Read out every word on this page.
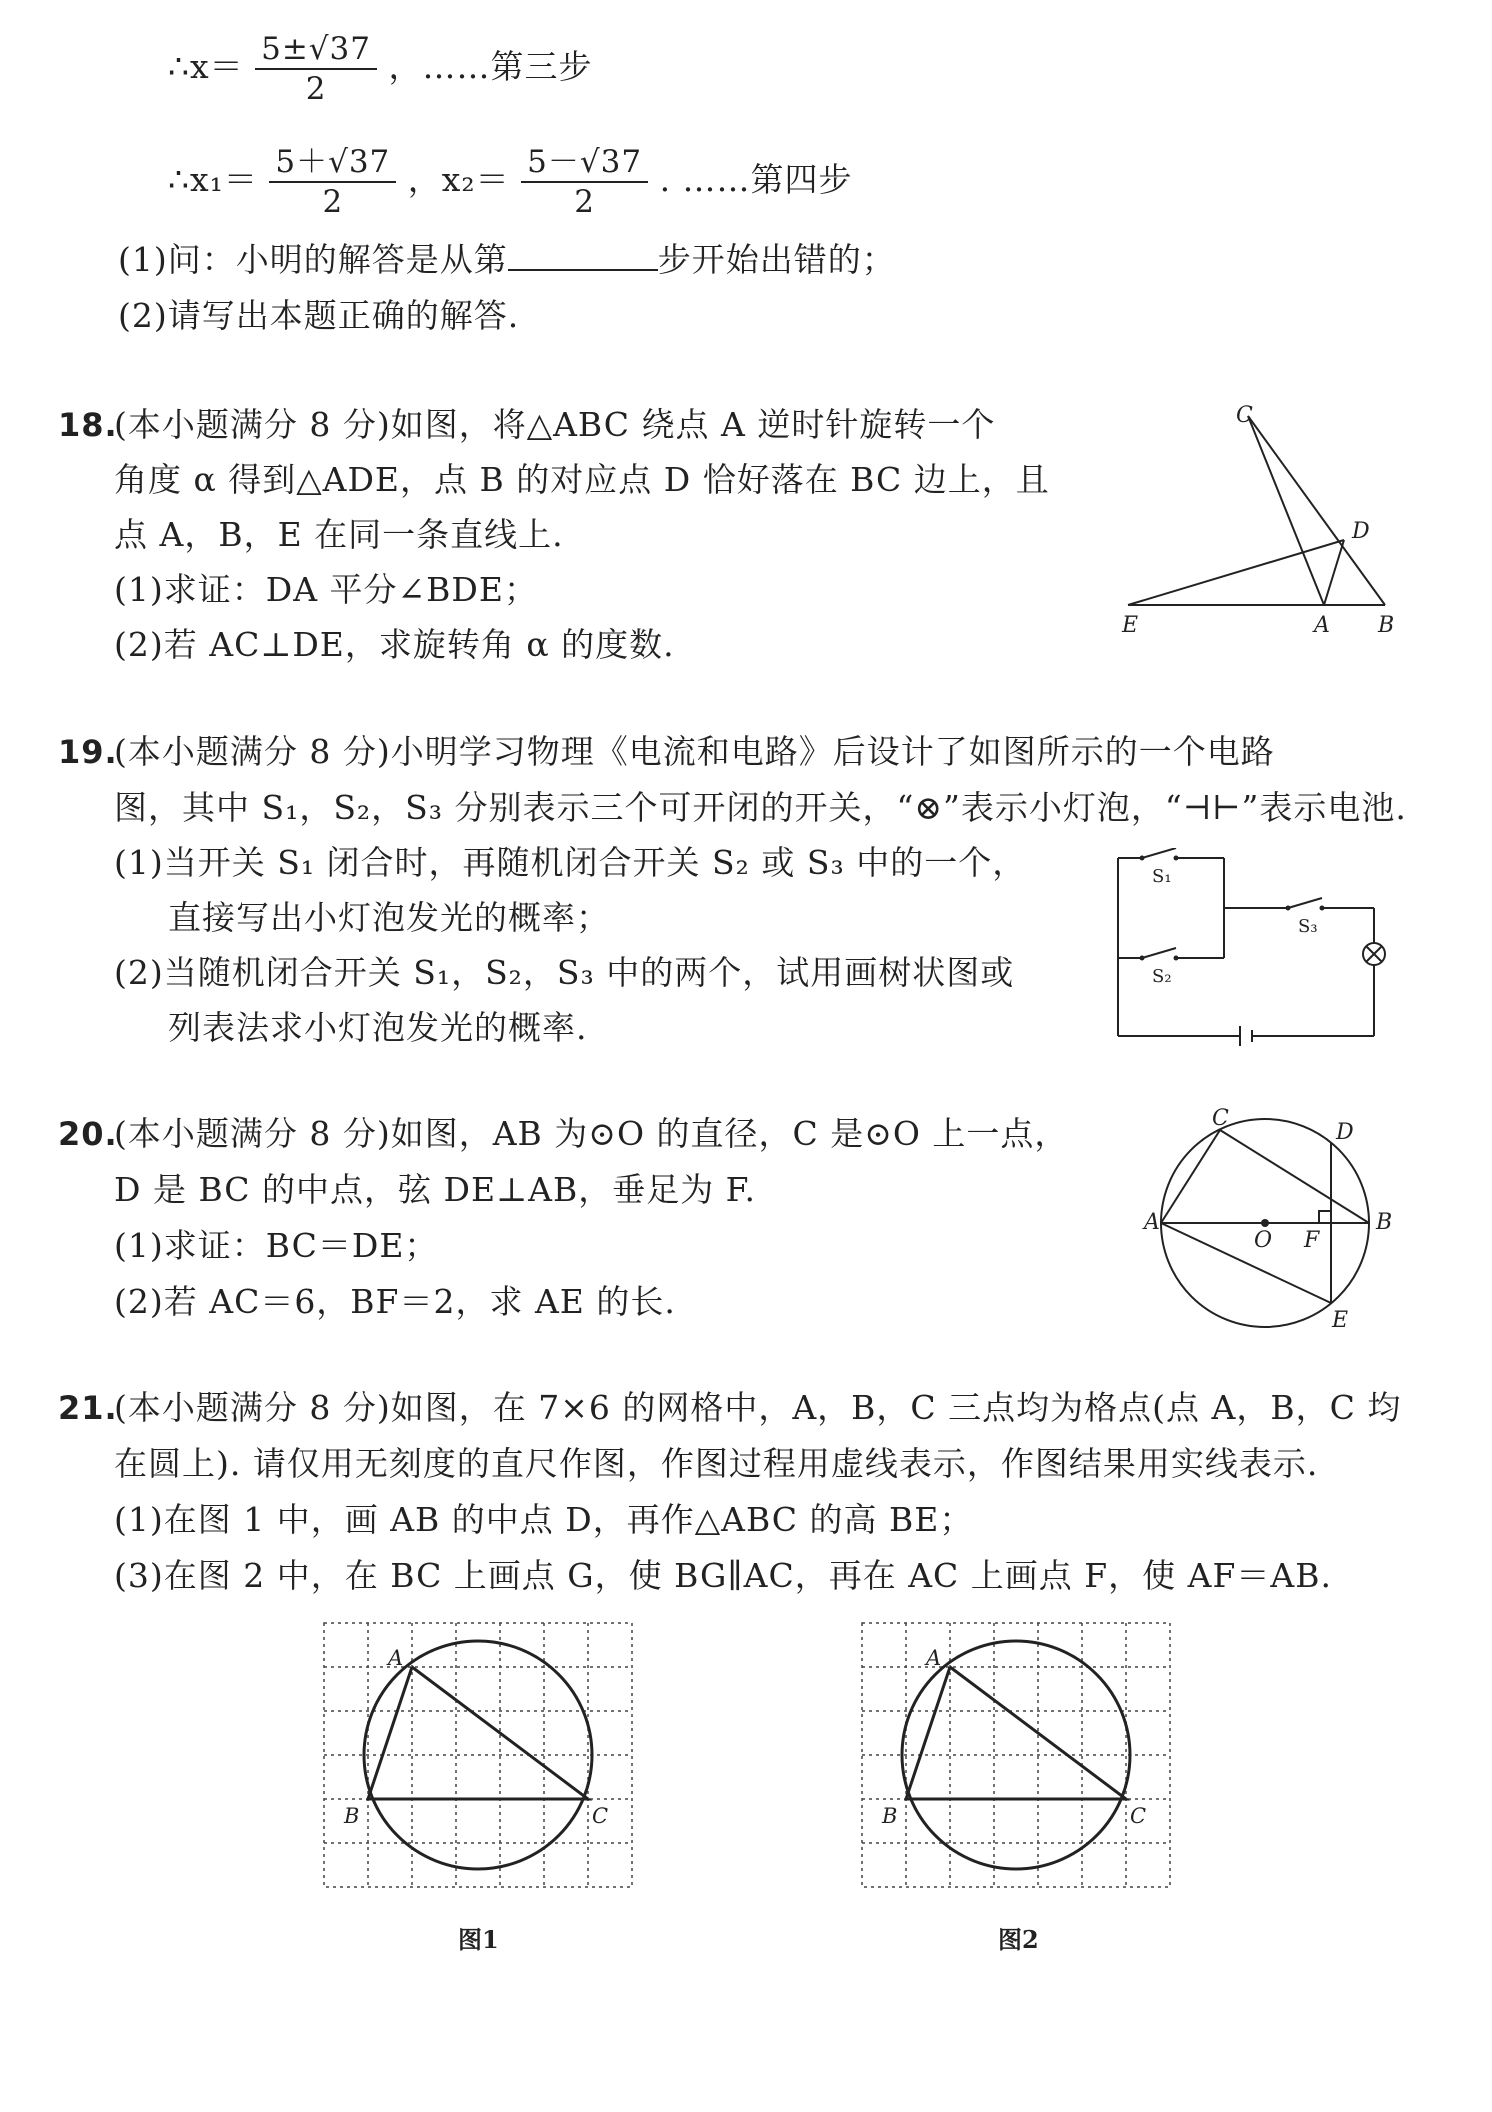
∴x＝ $\frac{5\pm√37}{2}$ ，……第三步
∴x₁＝ $\frac{5+√37}{2}$ ，$x_2= \frac{5-√37}{2}$ . ……第四步
(1)问：小明的解答是从第	步开始出错的；
(2)请写出本题正确的解答.
18.
(本小题满分 8 分)如图，将△ABC 绕点 A 逆时针旋转一个
角度 α 得到△ADE，点 B 的对应点 D 恰好落在 BC 边上，且
点 A，B，E 在同一条直线上.
(1)求证：DA 平分∠BDE；
(2)若 AC⊥DE，求旋转角 α 的度数.
C
D
E	A B
19.
(本小题满分 8 分)小明学习物理《电流和电路》后设计了如图所示的一个电路
图，其中 S₁，S₂，S₃ 分别表示三个可开闭的开关，“⊗”表示小灯泡，“⊣⊢”表示电池.
(1)当开关 S₁ 闭合时，再随机闭合开关 S₂ 或 S₃ 中的一个，
直接写出小灯泡发光的概率；
(2)当随机闭合开关 S₁，S₂，S₃ 中的两个，试用画树状图或
列表法求小灯泡发光的概率.
S₁
S₂
S₃
20.
(本小题满分 8 分)如图，AB 为⊙O 的直径，C 是⊙O 上一点，
D 是 BC 的中点，弦 DE⊥AB，垂足为 F.
(1)求证：BC＝DE；
(2)若 AC＝6，BF＝2，求 AE 的长.
A	B
C
D
E
O F
21.
(本小题满分 8 分)如图，在 7×6 的网格中，A，B，C 三点均为格点(点 A，B，C 均
在圆上). 请仅用无刻度的直尺作图，作图过程用虚线表示，作图结果用实线表示.
(1)在图 1 中，画 AB 的中点 D，再作△ABC 的高 BE；
(3)在图 2 中，在 BC 上画点 G，使 BG∥AC，再在 AC 上画点 F，使 AF＝AB.
A
B	C
图1
A
B	C
图2
